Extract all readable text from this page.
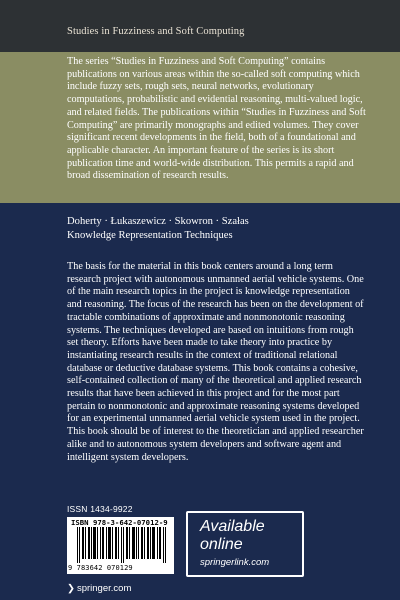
Studies in Fuzziness and Soft Computing
The series “Studies in Fuzziness and Soft Computing” contains publications on various areas within the so-called soft computing which include fuzzy sets, rough sets, neural networks, evolutionary computations, probabilistic and evidential reasoning, multi-valued logic, and related fields. The publications within “Studies in Fuzziness and Soft Computing” are primarily monographs and edited volumes. They cover significant recent developments in the field, both of a foundational and applicable character. An important feature of the series is its short publication time and world-wide distribution. This permits a rapid and broad dissemination of research results.
Doherty · Łukaszewicz · Skowron · Szałas
Knowledge Representation Techniques
The basis for the material in this book centers around a long term research project with autonomous unmanned aerial vehicle systems. One of the main research topics in the project is knowledge representation and reasoning. The focus of the research has been on the development of tractable combinations of approximate and nonmonotonic reasoning systems. The techniques developed are based on intuitions from rough set theory. Efforts have been made to take theory into practice by instantiating research results in the context of traditional relational database or deductive database systems. This book contains a cohesive, self-contained collection of many of the theoretical and applied research results that have been achieved in this project and for the most part pertain to nonmonotonic and approximate reasoning systems developed for an experimental unmanned aerial vehicle system used in the project. This book should be of interest to the theoretician and applied researcher alike and to autonomous system developers and software agent and intelligent system developers.
ISSN 1434-9922
ISBN 978-3-642-07012-9
9 783642 070129
Available
online
springerlink.com
❯ springer.com
